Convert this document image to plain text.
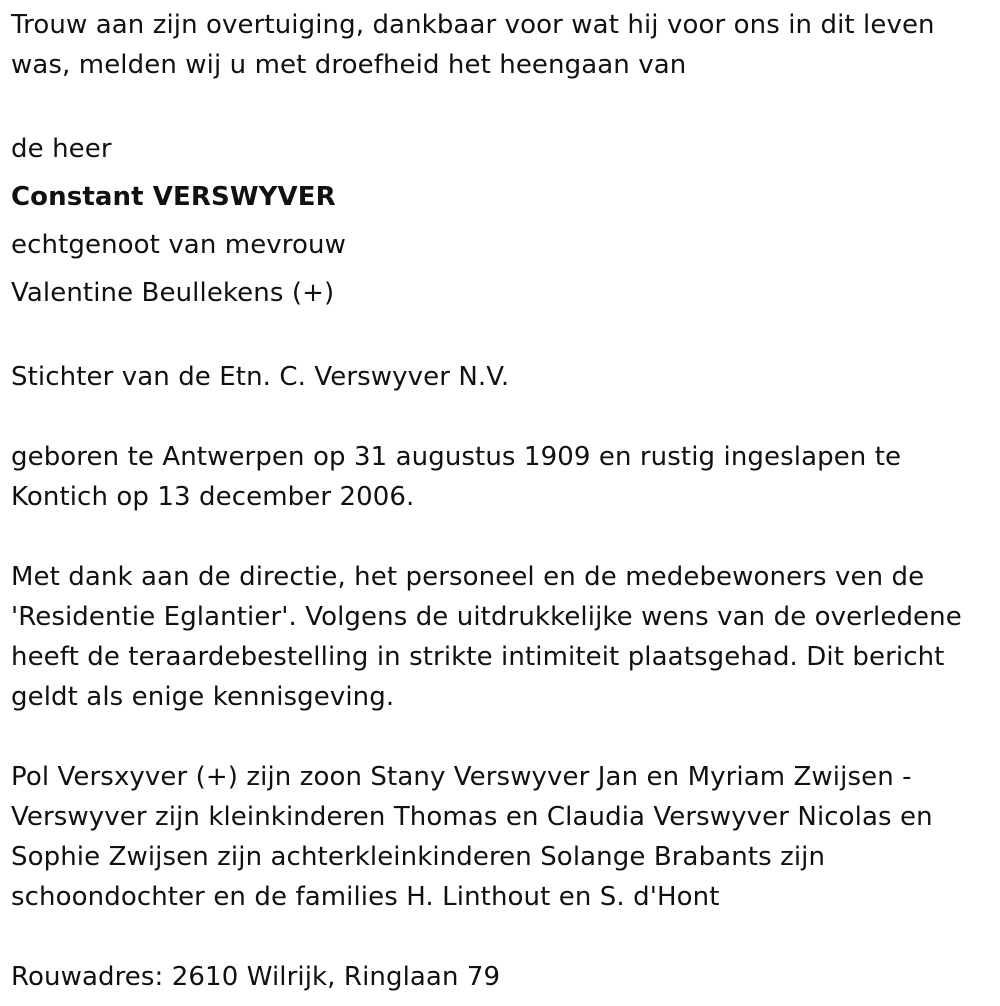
Trouw aan zijn overtuiging, dankbaar voor wat hij voor ons in dit leven was, melden wij u met droefheid het heengaan van

de heer

Constant VERSWYVER

echtgenoot van mevrouw

Valentine Beullekens (+)

Stichter van de Etn. C. Verswyver N.V.

geboren te Antwerpen op 31 augustus 1909 en rustig ingeslapen te Kontich op 13 december 2006.

Met dank aan de directie, het personeel en de medebewoners ven de 'Residentie Eglantier'. Volgens de uitdrukkelijke wens van de overledene heeft de teraardebestelling in strikte intimiteit plaatsgehad. Dit bericht geldt als enige kennisgeving.

Pol Versxyver (+) zijn zoon Stany Verswyver Jan en Myriam Zwijsen - Verswyver zijn kleinkinderen Thomas en Claudia Verswyver Nicolas en Sophie Zwijsen zijn achterkleinkinderen Solange Brabants zijn schoondochter en de families H. Linthout en S. d'Hont

Rouwadres: 2610 Wilrijk, Ringlaan 79
